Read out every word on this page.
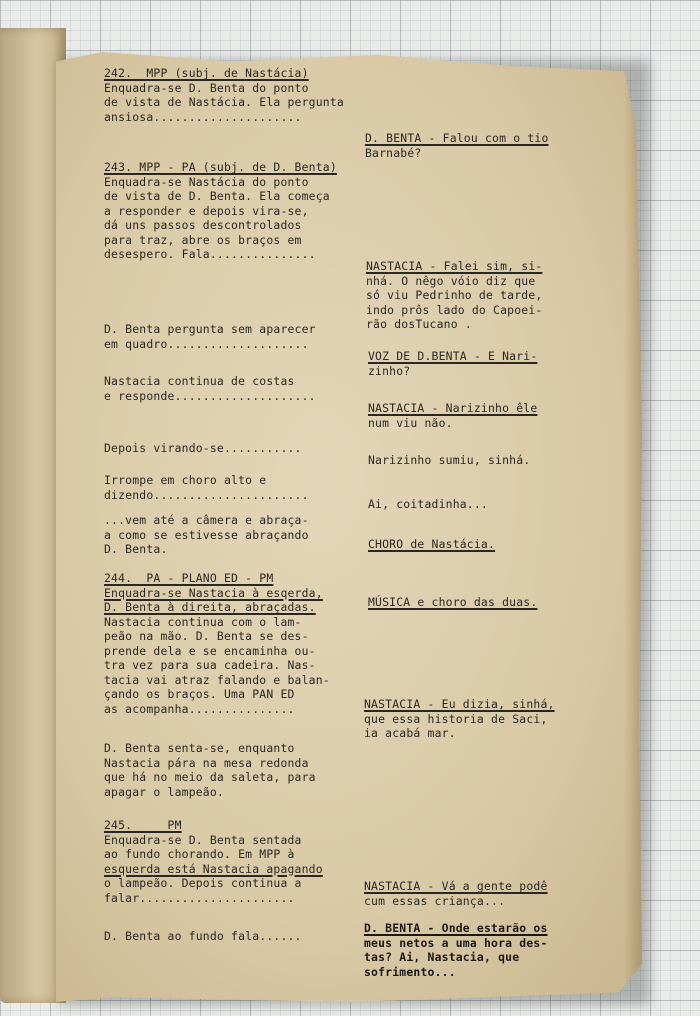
242.  MPP (subj. de Nastácia)
Enquadra-se D. Benta do ponto
de vista de Nastácia. Ela pergunta
ansiosa.....................
243. MPP - PA (subj. de D. Benta)
Enquadra-se Nastácia do ponto
de vista de D. Benta. Ela começa
a responder e depois vira-se,
dá uns passos descontrolados
para traz, abre os braços em
desespero. Fala...............
D. Benta pergunta sem aparecer
em quadro....................
Nastacia continua de costas
e responde....................
Depois virando-se...........
Irrompe em choro alto e
dizendo......................
...vem até a câmera e abraça-
a como se estivesse abraçando
D. Benta.
244.  PA - PLANO ED - PM
Enquadra-se Nastacia à esqerda,
D. Benta à direita, abraçadas.
Nastacia continua com o lam-
peão na mão. D. Benta se des-
prende dela e se encaminha ou-
tra vez para sua cadeira. Nas-
tacia vai atraz falando e balan-
çando os braços. Uma PAN ED
as acompanha...............
D. Benta senta-se, enquanto
Nastacia pára na mesa redonda
que há no meio da saleta, para
apagar o lampeão.
245.     PM
Enquadra-se D. Benta sentada
ao fundo chorando. Em MPP à
esquerda está Nastacia apagando
o lampeão. Depois continua a
falar......................
D. Benta ao fundo fala......
D. BENTA - Falou com o tio
Barnabé?
NASTACIA - Falei sim, si-
nhá. O nêgo vóio diz que
só viu Pedrinho de tarde,
indo prôs lado do Capoei-
rão dosTucano .
VOZ DE D.BENTA - E Nari-
zinho?
NASTACIA - Narizinho êle
num viu não.
Narizinho sumiu, sinhá.
Ai, coitadinha...
CHORO de Nastácia.
MÚSICA e choro das duas.
NASTACIA - Eu dizia, sinhá,
que essa historia de Saci,
ia acabá mar.
NASTACIA - Vá a gente podê
cum essas criança...
D. BENTA - Onde estarão os
meus netos a uma hora des-
tas? Ai, Nastacia, que
sofrimento...
